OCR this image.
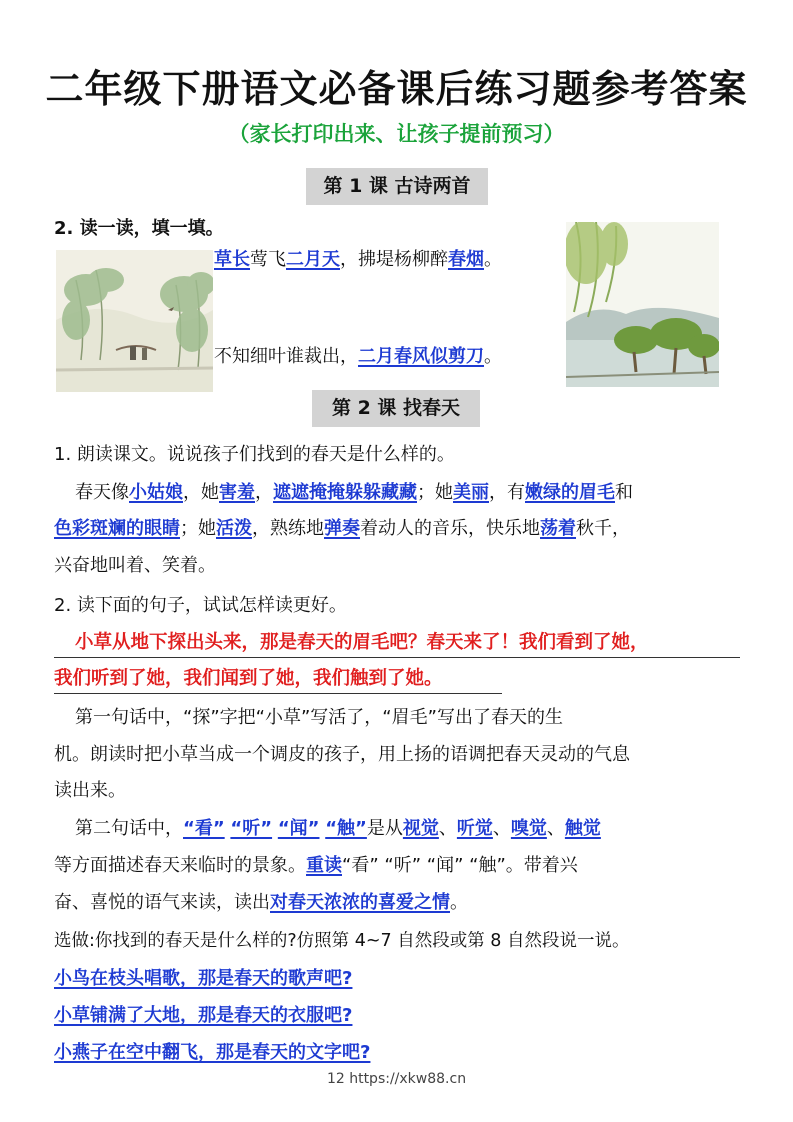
二年级下册语文必备课后练习题参考答案
（家长打印出来、让孩子提前预习）
第 1 课 古诗两首
2. 读一读，填一填。
草长莺飞二月天，拂堤杨柳醉春烟。
不知细叶谁裁出，二月春风似剪刀。
第 2 课 找春天
1. 朗读课文。说说孩子们找到的春天是什么样的。
春天像小姑娘，她害羞，遮遮掩掩躲躲藏藏；她美丽，有嫩绿的眉毛和
色彩斑斓的眼睛；她活泼，熟练地弹奏着动人的音乐，快乐地荡着秋千，
兴奋地叫着、笑着。
2. 读下面的句子，试试怎样读更好。
小草从地下探出头来，那是春天的眉毛吧？春天来了！我们看到了她，
我们听到了她，我们闻到了她，我们触到了她。
第一句话中，“探”字把“小草”写活了，“眉毛”写出了春天的生
机。朗读时把小草当成一个调皮的孩子，用上扬的语调把春天灵动的气息
读出来。
第二句话中，“看” “听” “闻” “触”是从视觉、听觉、嗅觉、触觉
等方面描述春天来临时的景象。重读“看” “听” “闻” “触”。带着兴
奋、喜悦的语气来读，读出对春天浓浓的喜爱之情。
选做:你找到的春天是什么样的?仿照第 4~7 自然段或第 8 自然段说一说。
小鸟在枝头唱歌，那是春天的歌声吧?
小草铺满了大地，那是春天的衣服吧?
小燕子在空中翻飞，那是春天的文字吧?
12 https://xkw88.cn
